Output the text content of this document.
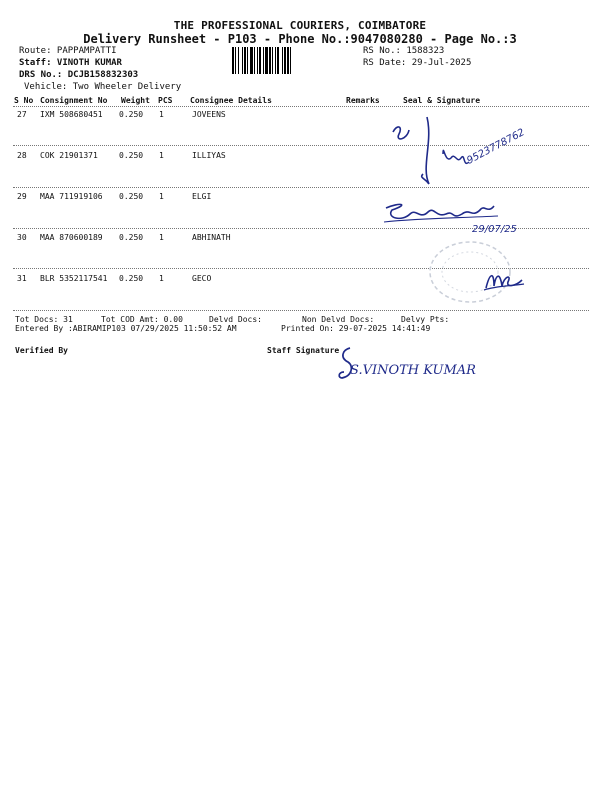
THE PROFESSIONAL COURIERS, COIMBATORE
Delivery Runsheet - P103 - Phone No.:9047080280 - Page No.:3
Route: PAPPAMPATTI
Staff: VINOTH KUMAR
DRS No.: DCJB158832303
Vehicle: Two Wheeler Delivery
RS No.: 1588323
RS Date: 29-Jul-2025
S No Consignment No Weight PCS Consignee Details	Remarks	Seal & Signature
27 IXM 508680451 0.250 1	JOVEENS
28 COK 21901371	0.250 1	ILLIYAS
29 MAA 711919106 0.250 1	ELGI
30 MAA 870600189 0.250 1	ABHINATH
31 BLR 5352117541 0.250 1	GECO
9523778762
29/07/25
Tot Docs: 31	Tot COD Amt: 0.00	Delvd Docs:	Non Delvd Docs:	Delvy Pts:
Entered By :ABIRAMIP103 07/29/2025 11:50:52 AM	Printed On: 29-07-2025 14:41:49
Verified By	Staff Signature
S.VINOTH KUMAR
